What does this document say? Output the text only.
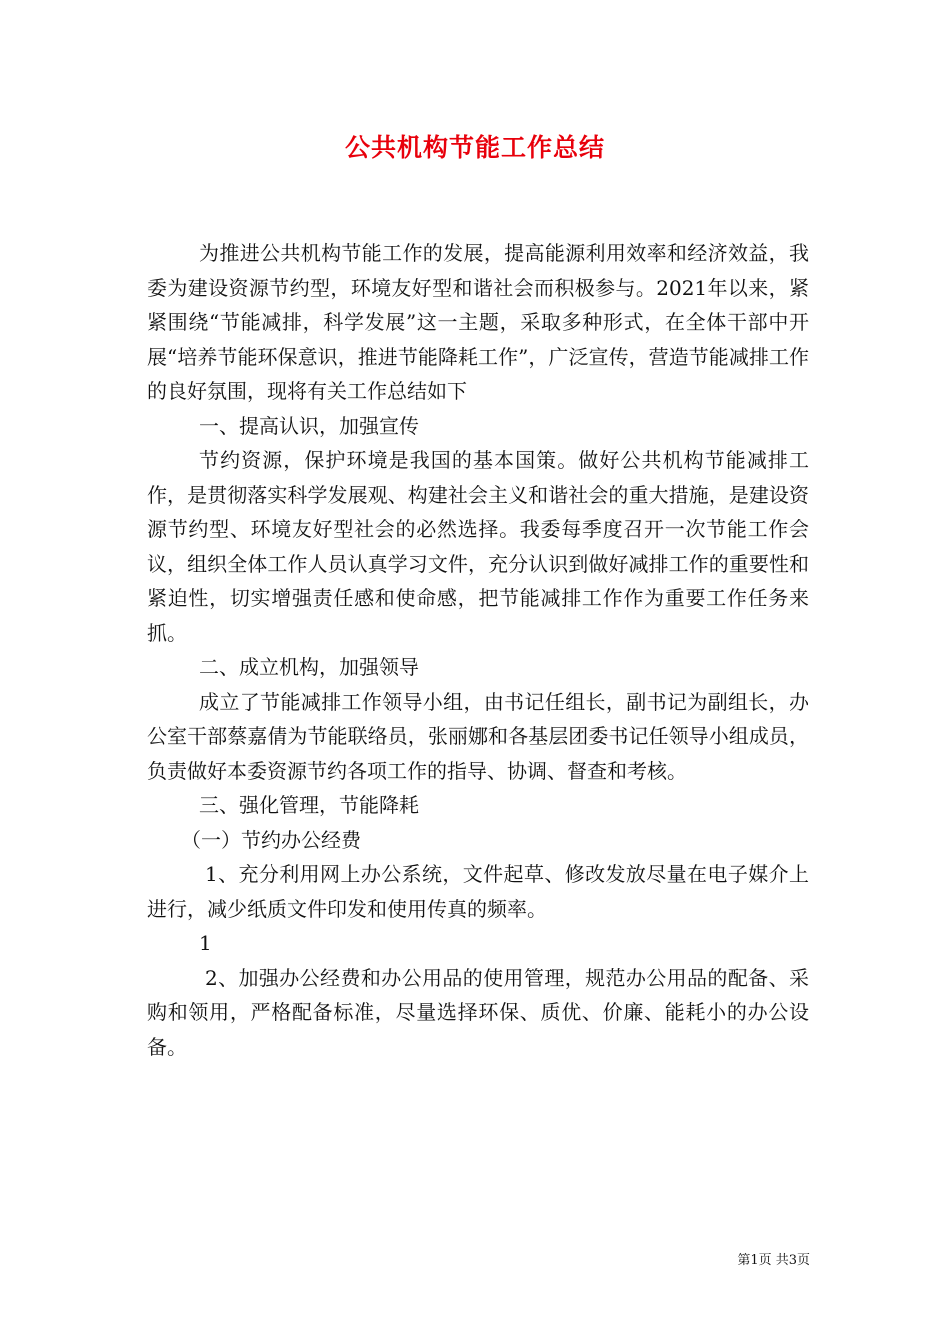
公共机构节能工作总结

为推进公共机构节能工作的发展，提高能源利用效率和经济效益，我委为建设资源节约型，环境友好型和谐社会而积极参与。2021年以来，紧紧围绕“节能减排，科学发展”这一主题，采取多种形式，在全体干部中开展“培养节能环保意识，推进节能降耗工作”，广泛宣传，营造节能减排工作的良好氛围，现将有关工作总结如下

一、提高认识，加强宣传

节约资源，保护环境是我国的基本国策。做好公共机构节能减排工作，是贯彻落实科学发展观、构建社会主义和谐社会的重大措施，是建设资源节约型、环境友好型社会的必然选择。我委每季度召开一次节能工作会议，组织全体工作人员认真学习文件，充分认识到做好减排工作的重要性和紧迫性，切实增强责任感和使命感，把节能减排工作作为重要工作任务来抓。

二、成立机构，加强领导

成立了节能减排工作领导小组，由书记任组长，副书记为副组长，办公室干部蔡嘉倩为节能联络员，张丽娜和各基层团委书记任领导小组成员，负责做好本委资源节约各项工作的指导、协调、督查和考核。

三、强化管理，节能降耗

（一）节约办公经费

1、充分利用网上办公系统，文件起草、修改发放尽量在电子媒介上进行，减少纸质文件印发和使用传真的频率。

1

2、加强办公经费和办公用品的使用管理，规范办公用品的配备、采购和领用，严格配备标准，尽量选择环保、质优、价廉、能耗小的办公设备。

第1页 共3页
